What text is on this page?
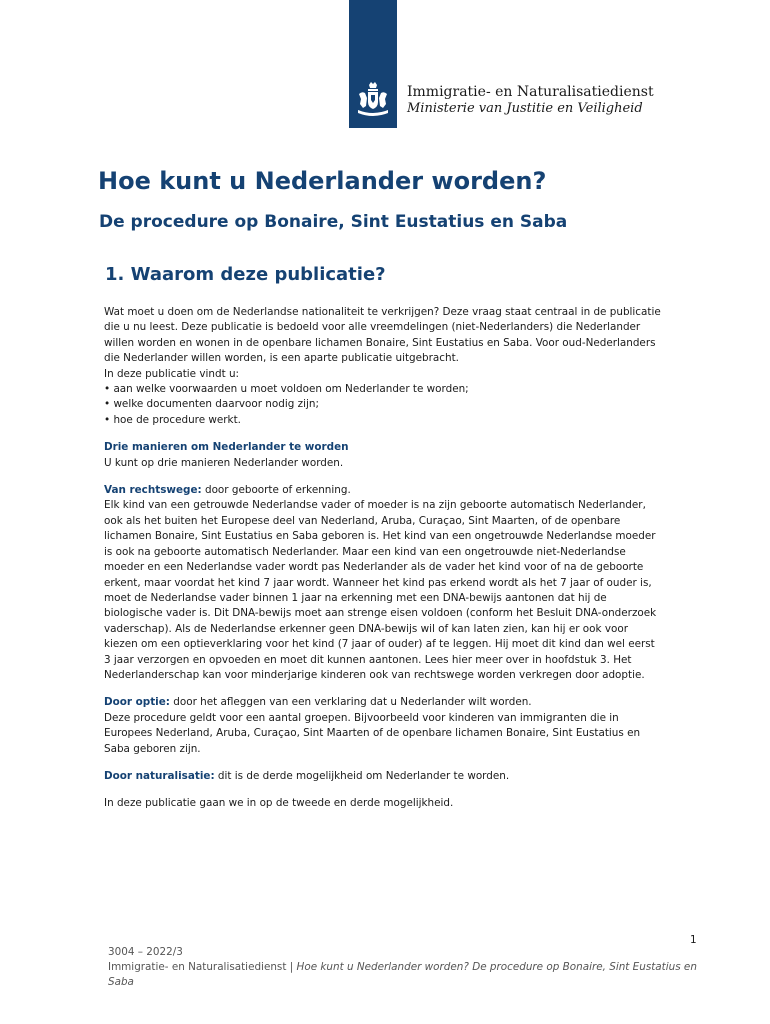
Immigratie- en Naturalisatiedienst
Ministerie van Justitie en Veiligheid
Hoe kunt u Nederlander worden?
De procedure op Bonaire, Sint Eustatius en Saba
1. Waarom deze publicatie?

Wat moet u doen om de Nederlandse nationaliteit te verkrijgen? Deze vraag staat centraal in de publicatie die u nu leest. Deze publicatie is bedoeld voor alle vreemdelingen (niet-Nederlanders) die Nederlander willen worden en wonen in de openbare lichamen Bonaire, Sint Eustatius en Saba. Voor oud-Nederlanders die Nederlander willen worden, is een aparte publicatie uitgebracht.

In deze publicatie vindt u:

• aan welke voorwaarden u moet voldoen om Nederlander te worden;
• welke documenten daarvoor nodig zijn;
• hoe de procedure werkt.

Drie manieren om Nederlander te worden

U kunt op drie manieren Nederlander worden.

Van rechtswege: door geboorte of erkenning.

Elk kind van een getrouwde Nederlandse vader of moeder is na zijn geboorte automatisch Nederlander, ook als het buiten het Europese deel van Nederland, Aruba, Curaçao, Sint Maarten, of de openbare lichamen Bonaire, Sint Eustatius en Saba geboren is. Het kind van een ongetrouwde Nederlandse moeder is ook na geboorte automatisch Nederlander. Maar een kind van een ongetrouwde niet-Nederlandse moeder en een Nederlandse vader wordt pas Nederlander als de vader het kind voor of na de geboorte erkent, maar voordat het kind 7 jaar wordt. Wanneer het kind pas erkend wordt als het 7 jaar of ouder is, moet de Nederlandse vader binnen 1 jaar na erkenning met een DNA-bewijs aantonen dat hij de biologische vader is. Dit DNA-bewijs moet aan strenge eisen voldoen (conform het Besluit DNA-onderzoek vaderschap). Als de Nederlandse erkenner geen DNA-bewijs wil of kan laten zien, kan hij er ook voor kiezen om een optieverklaring voor het kind (7 jaar of ouder) af te leggen. Hij moet dit kind dan wel eerst 3 jaar verzorgen en opvoeden en moet dit kunnen aantonen. Lees hier meer over in hoofdstuk 3. Het Nederlanderschap kan voor minderjarige kinderen ook van rechtswege worden verkregen door adoptie.

Door optie: door het afleggen van een verklaring dat u Nederlander wilt worden.

Deze procedure geldt voor een aantal groepen. Bijvoorbeeld voor kinderen van immigranten die in Europees Nederland, Aruba, Curaçao, Sint Maarten of de openbare lichamen Bonaire, Sint Eustatius en Saba geboren zijn.

Door naturalisatie: dit is de derde mogelijkheid om Nederlander te worden.

In deze publicatie gaan we in op de tweede en derde mogelijkheid.

1
3004 – 2022/3
Immigratie- en Naturalisatiedienst | Hoe kunt u Nederlander worden? De procedure op Bonaire, Sint Eustatius en Saba
